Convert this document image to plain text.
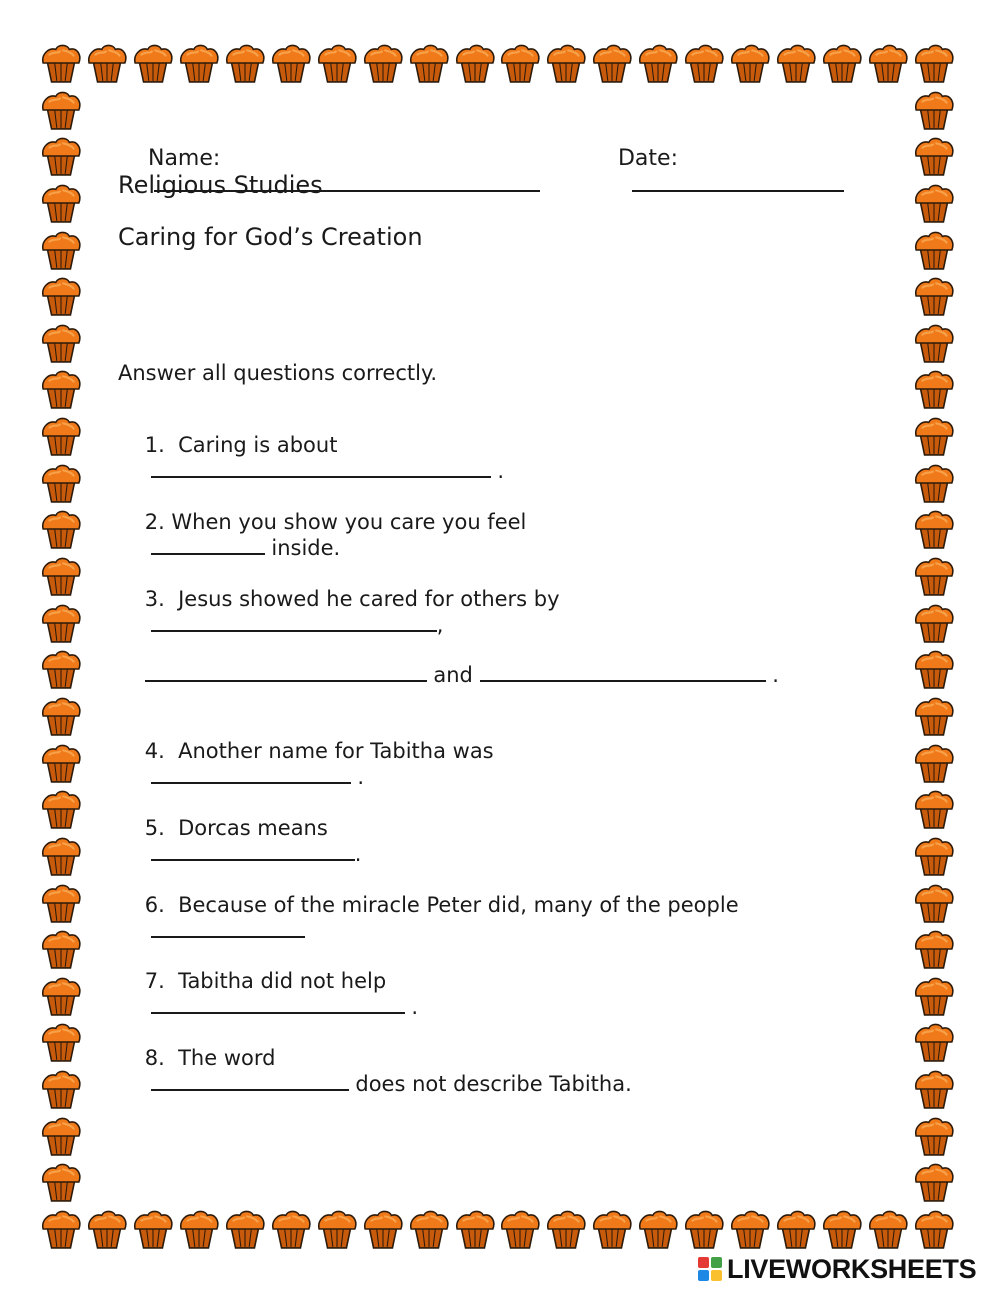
Name:

	Date:

Religious Studies
Caring for God’s Creation
Answer all questions correctly.

1.  Caring is about
.

2. When you show you care you feel
inside.

3.  Jesus showed he cared for others by
,

and	.

4.  Another name for Tabitha was
.

5.  Dorcas means
.

6.  Because of the miracle Peter did, many of the people

7.  Tabitha did not help
.

8.  The word
does not describe Tabitha.

LIVEWORKSHEETS
